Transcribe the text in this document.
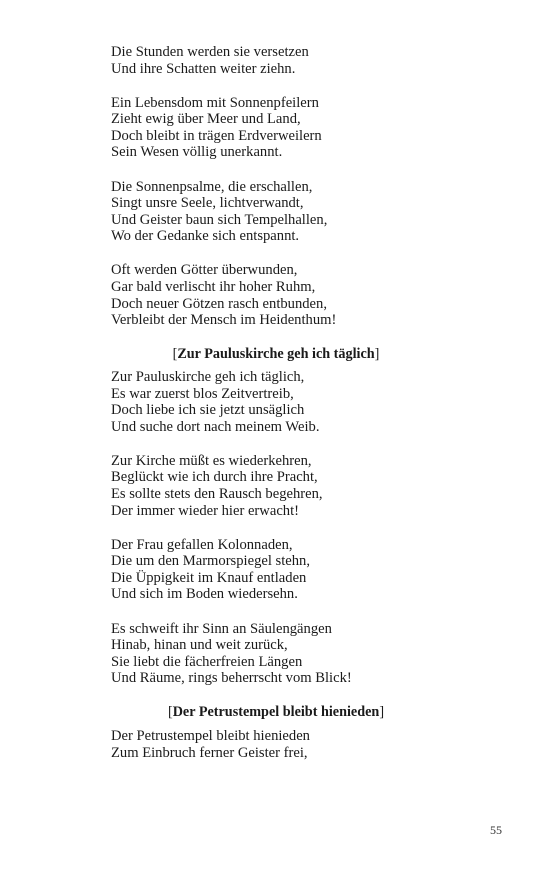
Die Stunden werden sie versetzen
Und ihre Schatten weiter ziehn.
Ein Lebensdom mit Sonnenpfeilern
Zieht ewig über Meer und Land,
Doch bleibt in trägen Erdverweilern
Sein Wesen völlig unerkannt.
Die Sonnenpsalme, die erschallen,
Singt unsre Seele, lichtverwandt,
Und Geister baun sich Tempelhallen,
Wo der Gedanke sich entspannt.
Oft werden Götter überwunden,
Gar bald verlischt ihr hoher Ruhm,
Doch neuer Götzen rasch entbunden,
Verbleibt der Mensch im Heidenthum!
[Zur Pauluskirche geh ich täglich]
Zur Pauluskirche geh ich täglich,
Es war zuerst blos Zeitvertreib,
Doch liebe ich sie jetzt unsäglich
Und suche dort nach meinem Weib.
Zur Kirche müßt es wiederkehren,
Beglückt wie ich durch ihre Pracht,
Es sollte stets den Rausch begehren,
Der immer wieder hier erwacht!
Der Frau gefallen Kolonnaden,
Die um den Marmorspiegel stehn,
Die Üppigkeit im Knauf entladen
Und sich im Boden wiedersehn.
Es schweift ihr Sinn an Säulengängen
Hinab, hinan und weit zurück,
Sie liebt die fächerfreien Längen
Und Räume, rings beherrscht vom Blick!
[Der Petrustempel bleibt hienieden]
Der Petrustempel bleibt hienieden
Zum Einbruch ferner Geister frei,
55
